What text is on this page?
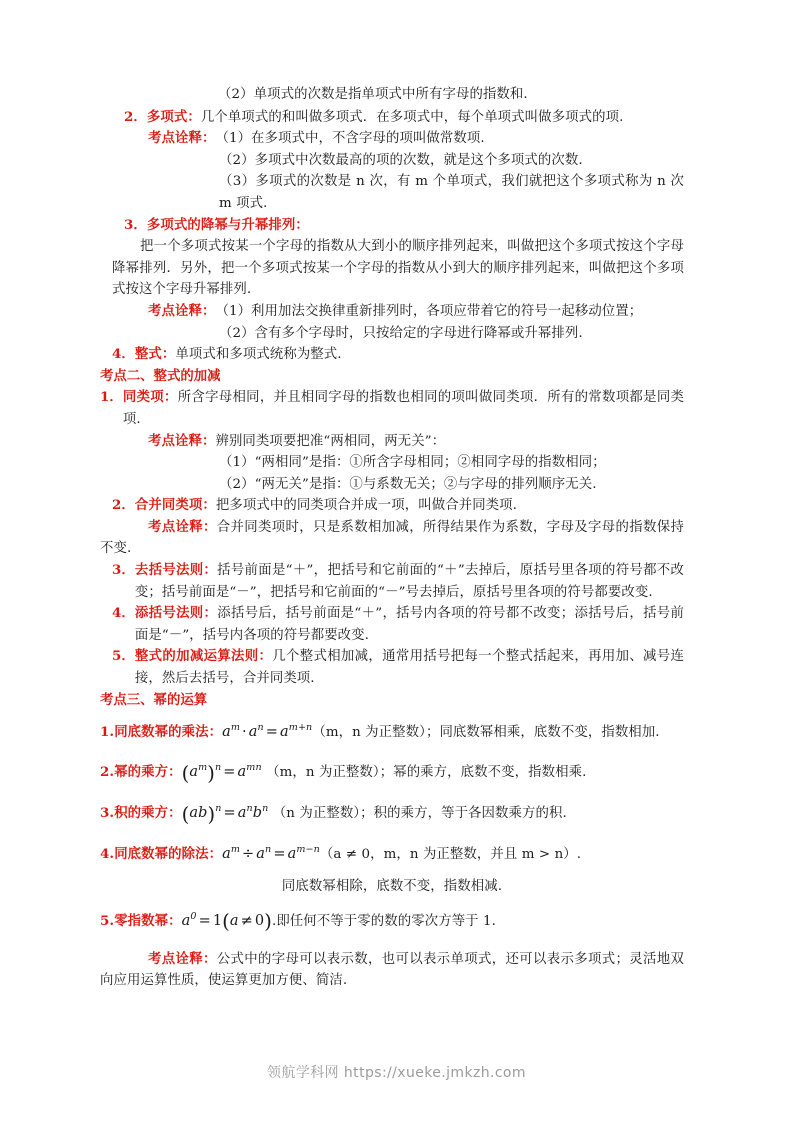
（2）单项式的次数是指单项式中所有字母的指数和.
2． 多项式：几个单项式的和叫做多项式．在多项式中，每个单项式叫做多项式的项.
考点诠释： （1）在多项式中，不含字母的项叫做常数项.
（2）多项式中次数最高的项的次数，就是这个多项式的次数.
（3）多项式的次数是 n 次，有 m 个单项式，我们就把这个多项式称为 n 次 m 项式.
3． 多项式的降幂与升幂排列：
把一个多项式按某一个字母的指数从大到小的顺序排列起来，叫做把这个多项式按这个字母降幂排列．另外，把一个多项式按某一个字母的指数从小到大的顺序排列起来，叫做把这个多项式按这个字母升幂排列.
考点诠释： （1）利用加法交换律重新排列时，各项应带着它的符号一起移动位置；
（2）含有多个字母时，只按给定的字母进行降幂或升幂排列.
4． 整式：单项式和多项式统称为整式.
考点二、整式的加减
1． 同类项：所含字母相同，并且相同字母的指数也相同的项叫做同类项．所有的常数项都是同类项.
考点诠释： 辨别同类项要把准“两相同，两无关”：
（1）“两相同”是指：①所含字母相同；②相同字母的指数相同；
（2）“两无关”是指：①与系数无关；②与字母的排列顺序无关.
2． 合并同类项：把多项式中的同类项合并成一项，叫做合并同类项.
考点诠释：合并同类项时，只是系数相加减，所得结果作为系数，字母及字母的指数保持不变.
3． 去括号法则：括号前面是“＋”，把括号和它前面的“＋”去掉后，原括号里各项的符号都不改变；括号前面是“－”，把括号和它前面的“－”号去掉后，原括号里各项的符号都要改变.
4． 添括号法则：添括号后，括号前面是“＋”，括号内各项的符号都不改变；添括号后，括号前面是“－”，括号内各项的符号都要改变.
5． 整式的加减运算法则：几个整式相加减，通常用括号把每一个整式括起来，再用加、减号连接，然后去括号，合并同类项.
考点三、幂的运算
1.同底数幂的乘法：$a^m \cdot a^n = a^{m+n}(m$，n 为正整数）；同底数幂相乘，底数不变，指数相加.
2.幂的乘方：$(a^m)^n = a^{mn}$ （m，n 为正整数）；幂的乘方，底数不变，指数相乘.
3.积的乘方：$(ab)^n = a^nb^n$ （n 为正整数）；积的乘方，等于各因数乘方的积.
4.同底数幂的除法：$a^m \div a^n = a^{m-n}(a \ne 0$，m，n 为正整数，并且 m > n）.
同底数幂相除，底数不变，指数相减.
5.零指数幂：$a^0 = 1(a \ne 0)$.即任何不等于零的数的零次方等于 1.
考点诠释：公式中的字母可以表示数，也可以表示单项式，还可以表示多项式；灵活地双向应用运算性质，使运算更加方便、简洁.
领航学科网 https://xueke.jmkzh.com
